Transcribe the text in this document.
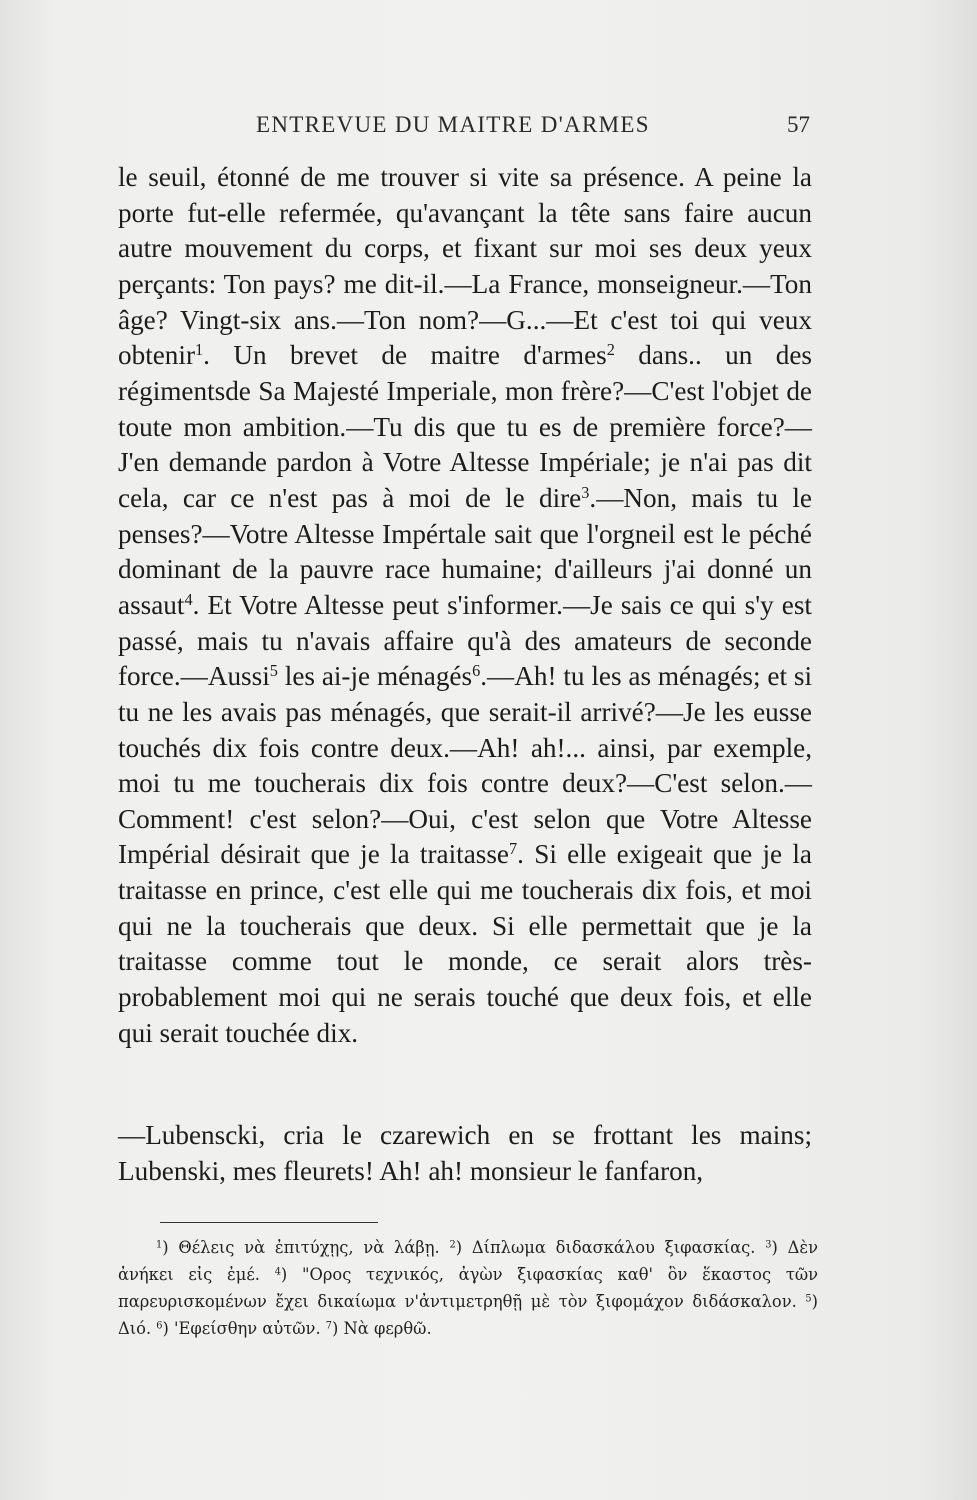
ENTREVUE DU MAITRE D'ARMES	57

le seuil, étonné de me trouver si vite sa présence. A peine la porte fut-elle refermée, qu'avançant la tête sans faire aucun autre mouvement du corps, et fixant sur moi ses deux yeux perçants: Ton pays? me dit-il.—La France, monseigneur.—Ton âge? Vingt-six ans.—Ton nom?—G...—Et c'est toi qui veux obtenir$^1$. Un brevet de maitre d'armes$^2$ dans.. un des régimentsde Sa Majesté Imperiale, mon frère?—C'est l'objet de toute mon ambition.—Tu dis que tu es de première force?—J'en demande pardon à Votre Altesse Impériale; je n'ai pas dit cela, car ce n'est pas à moi de le dire$^3$.—Non, mais tu le penses?—Votre Altesse Impértale sait que l'orgneil est le péché dominant de la pauvre race humaine; d'ailleurs j'ai donné un assaut$^4$. Et Votre Altesse peut s'informer.—Je sais ce qui s'y est passé, mais tu n'avais affaire qu'à des amateurs de seconde force.—Aussi$^5$ les ai-je ménagés$^6$.—Ah! tu les as ménagés; et si tu ne les avais pas ménagés, que serait-il arrivé?—Je les eusse touchés dix fois contre deux.—Ah! ah!... ainsi, par exemple, moi tu me toucherais dix fois contre deux?—C'est selon.—Comment! c'est selon?—Oui, c'est selon que Votre Altesse Impérial désirait que je la traitasse$^7$. Si elle exigeait que je la traitasse en prince, c'est elle qui me toucherais dix fois, et moi qui ne la toucherais que deux. Si elle permettait que je la traitasse comme tout le monde, ce serait alors très-probablement moi qui ne serais touché que deux fois, et elle qui serait touchée dix.

—Lubenscki, cria le czarewich en se frottant les mains; Lubenski, mes fleurets! Ah! ah! monsieur le fanfaron,

$^1$) Θέλεις νὰ ἐπιτύχῃς, νὰ λάβῃ. $^2$) Δίπλωμα διδασκάλου ξιφασκίας. $^3$) Δὲν ἀνήκει εἰς ἐμέ. $^4$) "Ορος τεχνικός, ἀγὼν ξιφασκίας καθ' ὃν ἕκαστος τῶν παρευρισκομένων ἔχει δικαίωμα ν'ἀντιμετρηθῇ μὲ τὸν ξιφομάχον διδάσκαλον. $^5$) Διό. $^6$) 'Εφείσθην αὐτῶν. $^7$) Νὰ φερθῶ.
